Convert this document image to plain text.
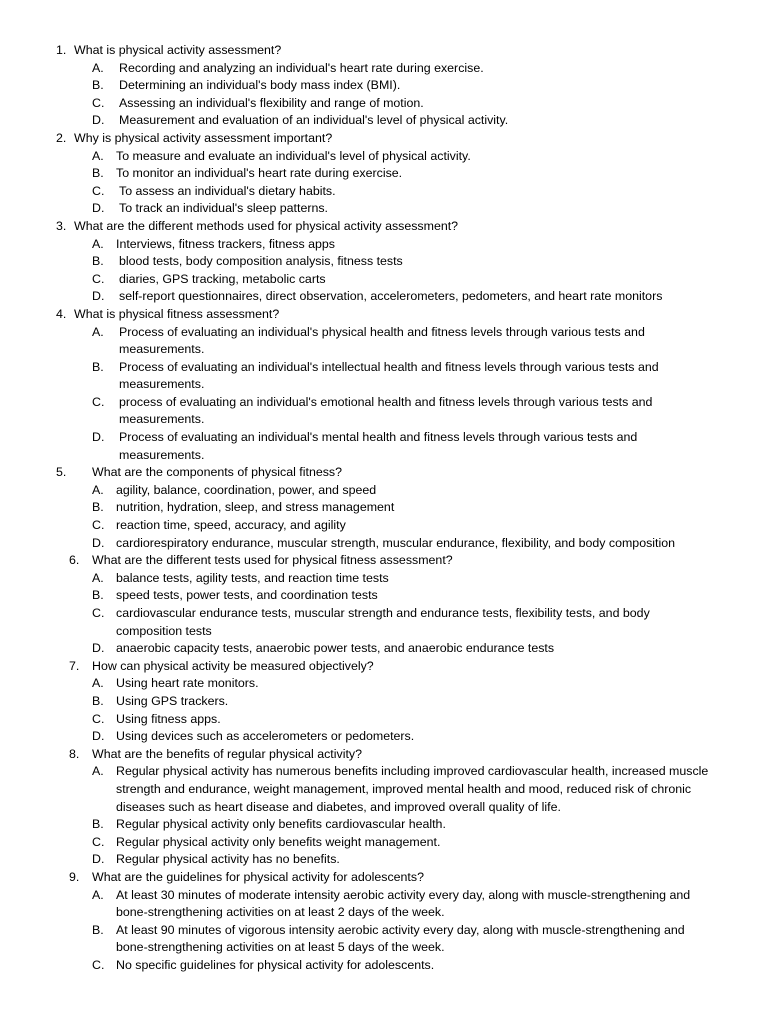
1. What is physical activity assessment?
A. Recording and analyzing an individual's heart rate during exercise.
B. Determining an individual's body mass index (BMI).
C. Assessing an individual's flexibility and range of motion.
D. Measurement and evaluation of an individual's level of physical activity.
2. Why is physical activity assessment important?
A. To measure and evaluate an individual's level of physical activity.
B. To monitor an individual's heart rate during exercise.
C. To assess an individual's dietary habits.
D. To track an individual's sleep patterns.
3. What are the different methods used for physical activity assessment?
A. Interviews, fitness trackers, fitness apps
B. blood tests, body composition analysis, fitness tests
C. diaries, GPS tracking, metabolic carts
D. self-report questionnaires, direct observation, accelerometers, pedometers, and heart rate monitors
4. What is physical fitness assessment?
A. Process of evaluating an individual's physical health and fitness levels through various tests and measurements.
B. Process of evaluating an individual's intellectual health and fitness levels through various tests and measurements.
C. process of evaluating an individual's emotional health and fitness levels through various tests and measurements.
D. Process of evaluating an individual's mental health and fitness levels through various tests and measurements.
5. What are the components of physical fitness?
A. agility, balance, coordination, power, and speed
B. nutrition, hydration, sleep, and stress management
C. reaction time, speed, accuracy, and agility
D. cardiorespiratory endurance, muscular strength, muscular endurance, flexibility, and body composition
6. What are the different tests used for physical fitness assessment?
A. balance tests, agility tests, and reaction time tests
B. speed tests, power tests, and coordination tests
C. cardiovascular endurance tests, muscular strength and endurance tests, flexibility tests, and body composition tests
D. anaerobic capacity tests, anaerobic power tests, and anaerobic endurance tests
7. How can physical activity be measured objectively?
A. Using heart rate monitors.
B. Using GPS trackers.
C. Using fitness apps.
D. Using devices such as accelerometers or pedometers.
8. What are the benefits of regular physical activity?
A. Regular physical activity has numerous benefits including improved cardiovascular health, increased muscle strength and endurance, weight management, improved mental health and mood, reduced risk of chronic diseases such as heart disease and diabetes, and improved overall quality of life.
B. Regular physical activity only benefits cardiovascular health.
C. Regular physical activity only benefits weight management.
D. Regular physical activity has no benefits.
9. What are the guidelines for physical activity for adolescents?
A. At least 30 minutes of moderate intensity aerobic activity every day, along with muscle-strengthening and bone-strengthening activities on at least 2 days of the week.
B. At least 90 minutes of vigorous intensity aerobic activity every day, along with muscle-strengthening and bone-strengthening activities on at least 5 days of the week.
C. No specific guidelines for physical activity for adolescents.
